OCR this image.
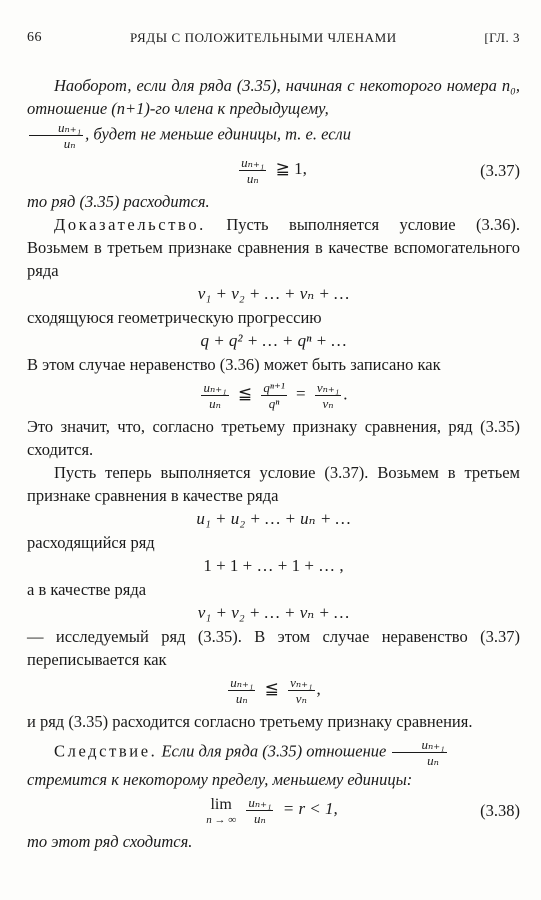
66	РЯДЫ С ПОЛОЖИТЕЛЬНЫМИ ЧЛЕНАМИ	[ГЛ. 3

Наоборот, если для ряда (3.35), начиная с некоторого номера n₀, отношение (n+1)-го члена к предыдущему,

$\frac{\text{uₙ₊₁}}{\text{uₙ}}$ , будет не меньше единицы, т. е. если

$\frac{\text{uₙ₊₁}}{\text{uₙ}}$ ≧ 1,	(3.37)

то ряд (3.35) расходится.

Доказательство. Пусть выполняется условие (3.36). Возьмем в третьем признаке сравнения в качестве вспомогательного ряда

v₁ + v₂ + … + vₙ + …

сходящуюся геометрическую прогрессию

q + q² + … + qⁿ + …

В этом случае неравенство (3.36) может быть записано как

$\frac{\text{uₙ₊₁}}{\text{uₙ}}$ ≦ $\frac{\text{qⁿ⁺¹}}{\text{qⁿ}} = \frac{\text{vₙ₊₁}}{\text{vₙ}}$ .

Это значит, что, согласно третьему признаку сравнения, ряд (3.35) сходится.

Пусть теперь выполняется условие (3.37). Возьмем в третьем признаке сравнения в качестве ряда

u₁ + u₂ + … + uₙ + …

расходящийся ряд

1 + 1 + … + 1 + … ,

а в качестве ряда

v₁ + v₂ + … + vₙ + …

— исследуемый ряд (3.35). В этом случае неравенство (3.37) переписывается как

$\frac{\text{uₙ₊₁}}{\text{uₙ}}$ ≦ $\frac{\text{vₙ₊₁}}{\text{vₙ}}$ ,

и ряд (3.35) расходится согласно третьему признаку сравнения.

Следствие. Если для ряда (3.35) отношение $\frac{\text{uₙ₊₁}}{\text{uₙ}}$

стремится к некоторому пределу, меньшему единицы:

lim
n → ∞
$\frac{\text{uₙ₊₁}}{\text{uₙ}} = r < 1$,	(3.38)

то этот ряд сходится.
